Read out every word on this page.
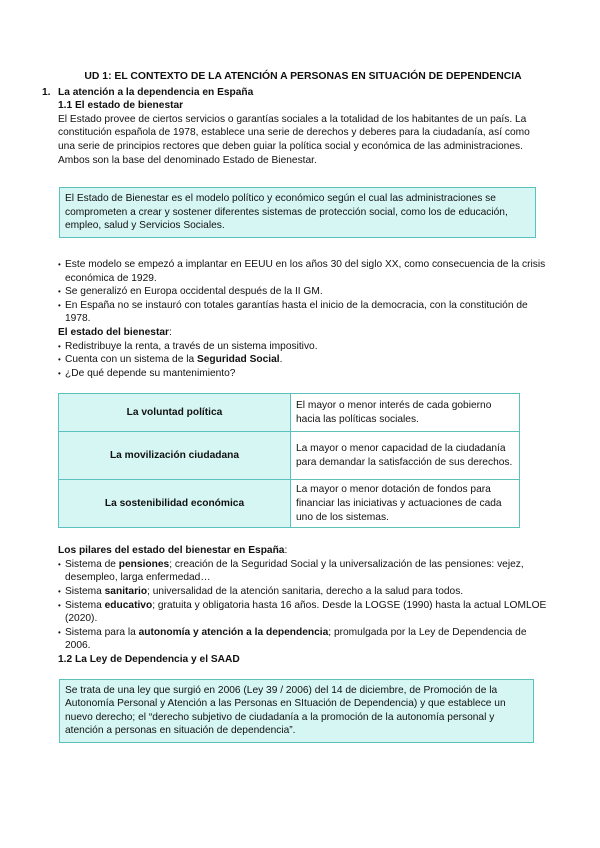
UD 1: EL CONTEXTO DE LA ATENCIÓN A PERSONAS EN SITUACIÓN DE DEPENDENCIA

1. La atención a la dependencia en España
1.1 El estado de bienestar

El Estado provee de ciertos servicios o garantías sociales a la totalidad de los habitantes de un país. La constitución española de 1978, establece una serie de derechos y deberes para la ciudadanía, así como una serie de principios rectores que deben guiar la política social y económica de las administraciones. Ambos son la base del denominado Estado de Bienestar.

El Estado de Bienestar es el modelo político y económico según el cual las administraciones se comprometen a crear y sostener diferentes sistemas de protección social, como los de educación, empleo, salud y Servicios Sociales.
• Este modelo se empezó a implantar en EEUU en los años 30 del siglo XX, como consecuencia de la crisis económica de 1929.
• Se generalizó en Europa occidental después de la II GM.
• En España no se instauró con totales garantías hasta el inicio de la democracia, con la constitución de 1978.
El estado del bienestar:
• Redistribuye la renta, a través de un sistema impositivo.
• Cuenta con un sistema de la Seguridad Social.
• ¿De qué depende su mantenimiento?
La voluntad política	El mayor o menor interés de cada gobierno hacia las políticas sociales.
La movilización ciudadana	La mayor o menor capacidad de la ciudadanía para demandar la satisfacción de sus derechos.
La sostenibilidad económica	La mayor o menor dotación de fondos para financiar las iniciativas y actuaciones de cada uno de los sistemas.
Los pilares del estado del bienestar en España:
• Sistema de pensiones; creación de la Seguridad Social y la universalización de las pensiones: vejez, desempleo, larga enfermedad…
• Sistema sanitario; universalidad de la atención sanitaria, derecho a la salud para todos.
• Sistema educativo; gratuita y obligatoria hasta 16 años. Desde la LOGSE (1990) hasta la actual LOMLOE (2020).
• Sistema para la autonomía y atención a la dependencia; promulgada por la Ley de Dependencia de 2006.
1.2 La Ley de Dependencia y el SAAD
Se trata de una ley que surgió en 2006 (Ley 39 / 2006) del 14 de diciembre, de Promoción de la Autonomía Personal y Atención a las Personas en SItuación de Dependencia) y que establece un nuevo derecho; el “derecho subjetivo de ciudadanía a la promoción de la autonomía personal y atención a personas en situación de dependencia”.
